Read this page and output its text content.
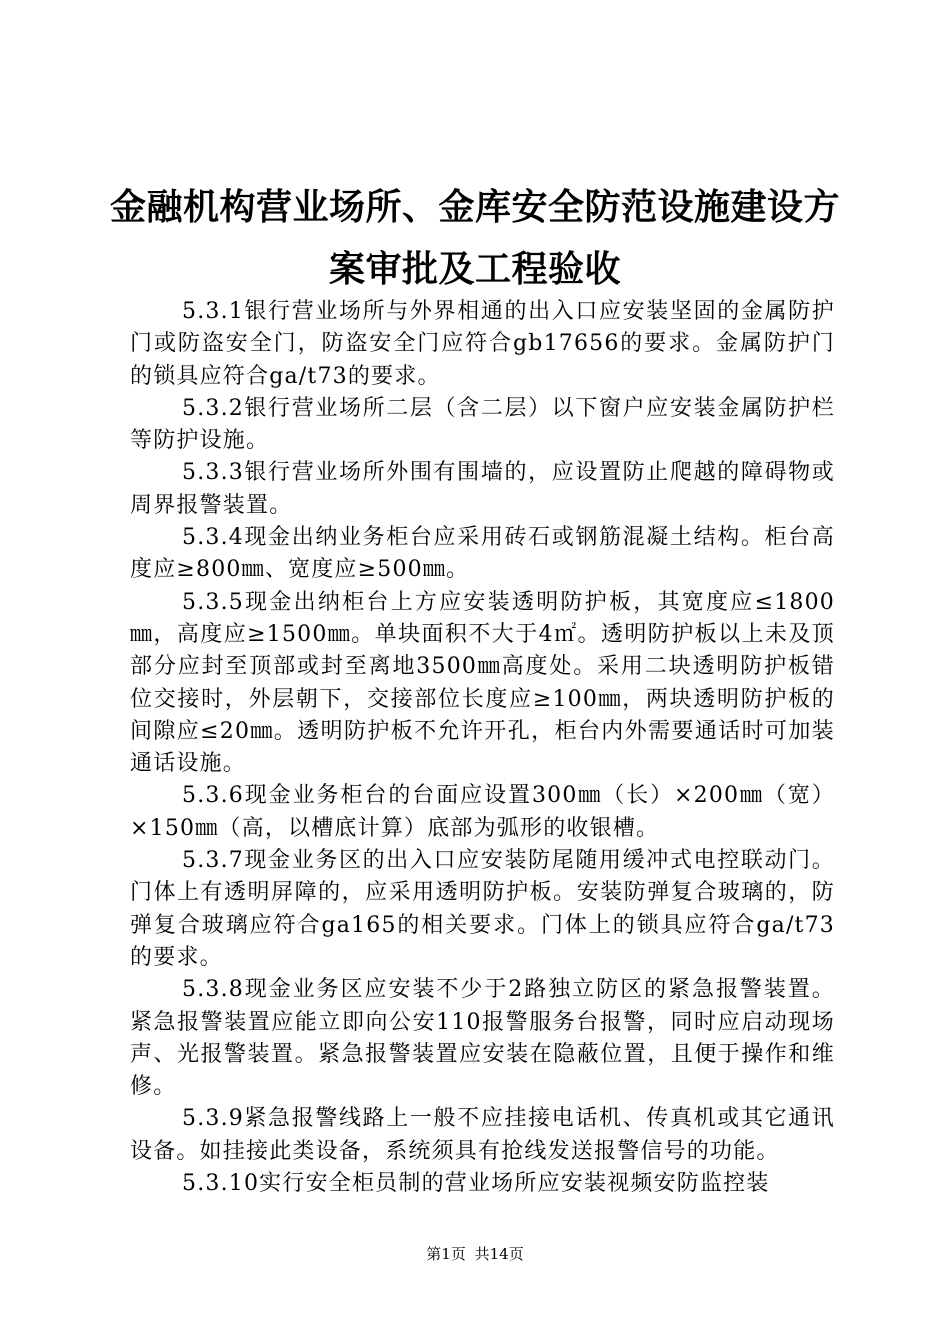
金融机构营业场所、金库安全防范设施建设方
案审批及工程验收

5.3.1银行营业场所与外界相通的出入口应安装坚固的金属防护门或防盗安全门，防盗安全门应符合gb17656的要求。金属防护门的锁具应符合ga/t73的要求。

5.3.2银行营业场所二层（含二层）以下窗户应安装金属防护栏等防护设施。

5.3.3银行营业场所外围有围墙的，应设置防止爬越的障碍物或周界报警装置。

5.3.4现金出纳业务柜台应采用砖石或钢筋混凝土结构。柜台高度应≥800㎜、宽度应≥500㎜。

5.3.5现金出纳柜台上方应安装透明防护板，其宽度应≤1800㎜，高度应≥1500㎜。单块面积不大于4㎡。透明防护板以上未及顶部分应封至顶部或封至离地3500㎜高度处。采用二块透明防护板错位交接时，外层朝下，交接部位长度应≥100㎜，两块透明防护板的间隙应≤20㎜。透明防护板不允许开孔，柜台内外需要通话时可加装通话设施。

5.3.6现金业务柜台的台面应设置300㎜（长）×200㎜（宽）×150㎜（高，以槽底计算）底部为弧形的收银槽。

5.3.7现金业务区的出入口应安装防尾随用缓冲式电控联动门。门体上有透明屏障的，应采用透明防护板。安装防弹复合玻璃的，防弹复合玻璃应符合ga165的相关要求。门体上的锁具应符合ga/t73的要求。

5.3.8现金业务区应安装不少于2路独立防区的紧急报警装置。紧急报警装置应能立即向公安110报警服务台报警，同时应启动现场声、光报警装置。紧急报警装置应安装在隐蔽位置，且便于操作和维修。

5.3.9紧急报警线路上一般不应挂接电话机、传真机或其它通讯设备。如挂接此类设备，系统须具有抢线发送报警信号的功能。

5.3.10实行安全柜员制的营业场所应安装视频安防监控装

第1页 共14页
